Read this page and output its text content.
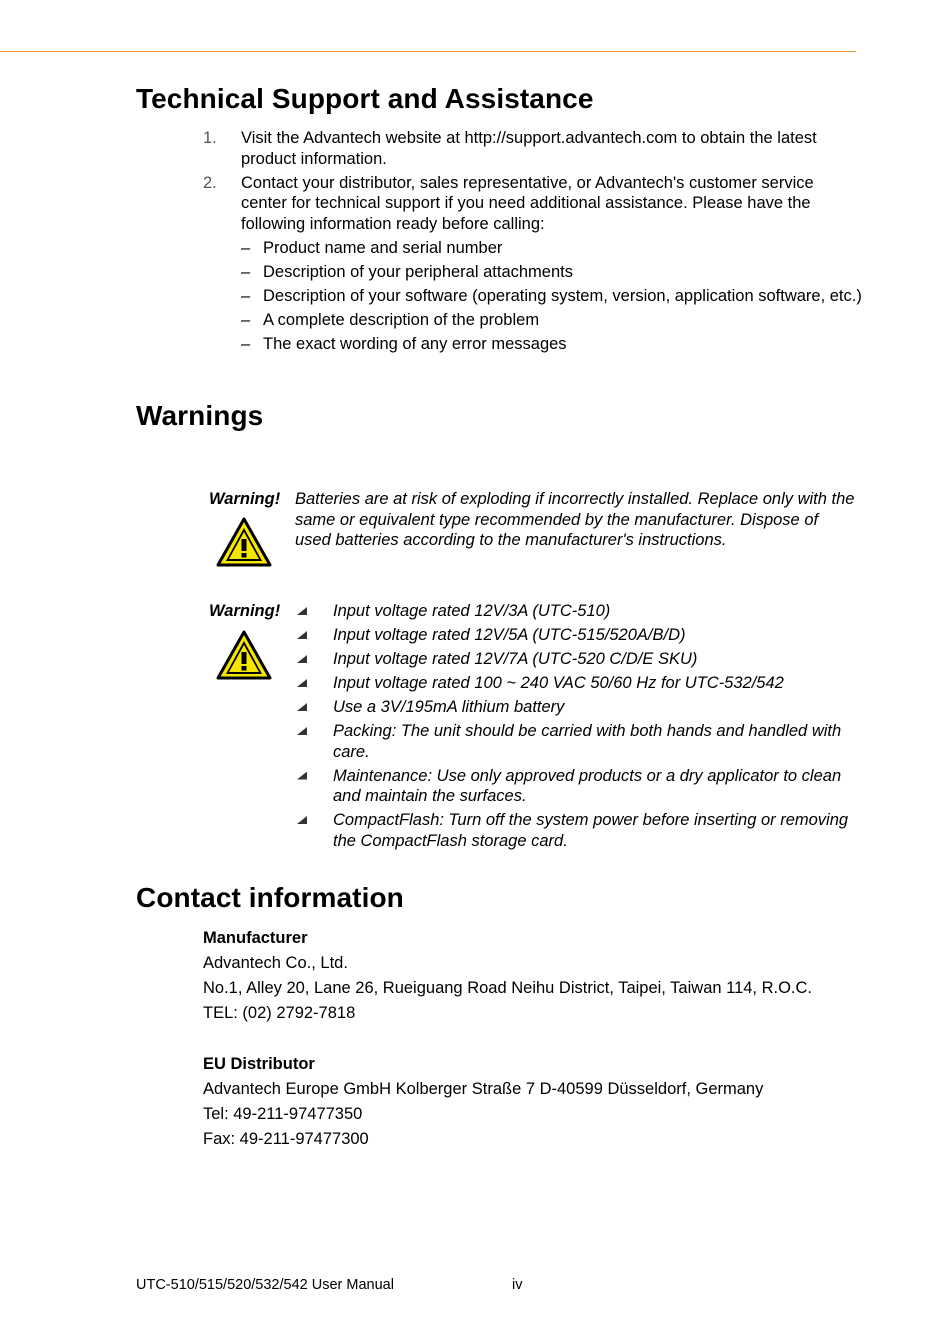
Technical Support and Assistance
1. Visit the Advantech website at http://support.advantech.com to obtain the latest product information.
2. Contact your distributor, sales representative, or Advantech's customer service center for technical support if you need additional assistance. Please have the following information ready before calling:
– Product name and serial number
– Description of your peripheral attachments
– Description of your software (operating system, version, application software, etc.)
– A complete description of the problem
– The exact wording of any error messages
Warnings
Warning! Batteries are at risk of exploding if incorrectly installed. Replace only with the same or equivalent type recommended by the manufacturer. Dispose of used batteries according to the manufacturer's instructions.
Warning!	Input voltage rated 12V/3A (UTC-510)
Input voltage rated 12V/5A (UTC-515/520A/B/D)
Input voltage rated 12V/7A (UTC-520 C/D/E SKU)
Input voltage rated 100 ~ 240 VAC 50/60 Hz for UTC-532/542
Use a 3V/195mA lithium battery
Packing: The unit should be carried with both hands and handled with care.
Maintenance: Use only approved products or a dry applicator to clean and maintain the surfaces.
CompactFlash: Turn off the system power before inserting or removing the CompactFlash storage card.
Contact information
Manufacturer
Advantech Co., Ltd.
No.1, Alley 20, Lane 26, Rueiguang Road Neihu District, Taipei, Taiwan 114, R.O.C.
TEL: (02) 2792-7818
EU Distributor
Advantech Europe GmbH Kolberger Straße 7 D-40599 Düsseldorf, Germany
Tel: 49-211-97477350
Fax: 49-211-97477300
UTC-510/515/520/532/542 User Manual	iv
